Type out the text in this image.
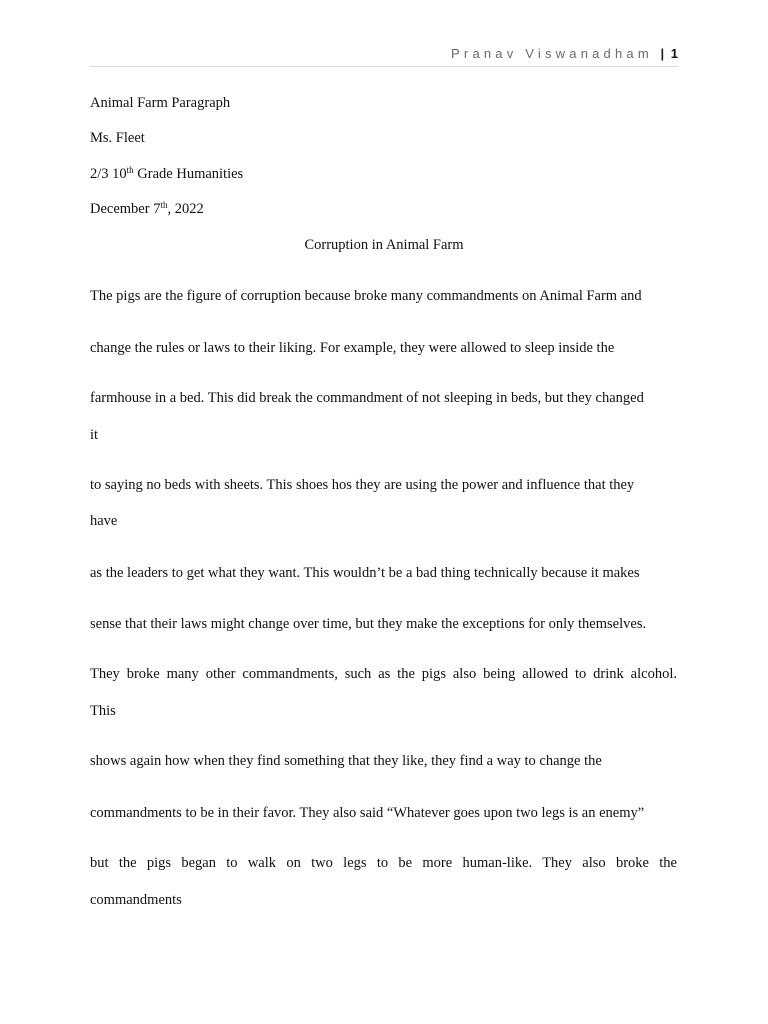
Pranav Viswanadham | 1
Animal Farm Paragraph
Ms. Fleet
2/3 10th Grade Humanities
December 7th, 2022
Corruption in Animal Farm
The pigs are the figure of corruption because broke many commandments on Animal Farm and
change the rules or laws to their liking. For example, they were allowed to sleep inside the
farmhouse in a bed. This did break the commandment of not sleeping in beds, but they changed
it
to saying no beds with sheets. This shoes hos they are using the power and influence that they
have
as the leaders to get what they want. This wouldn’t be a bad thing technically because it makes
sense that their laws might change over time, but they make the exceptions for only themselves.
They broke many other commandments, such as the pigs also being allowed to drink alcohol.
This
shows again how when they find something that they like, they find a way to change the
commandments to be in their favor. They also said “Whatever goes upon two legs is an enemy”
but the pigs began to walk on two legs to be more human-like. They also broke the
commandments
